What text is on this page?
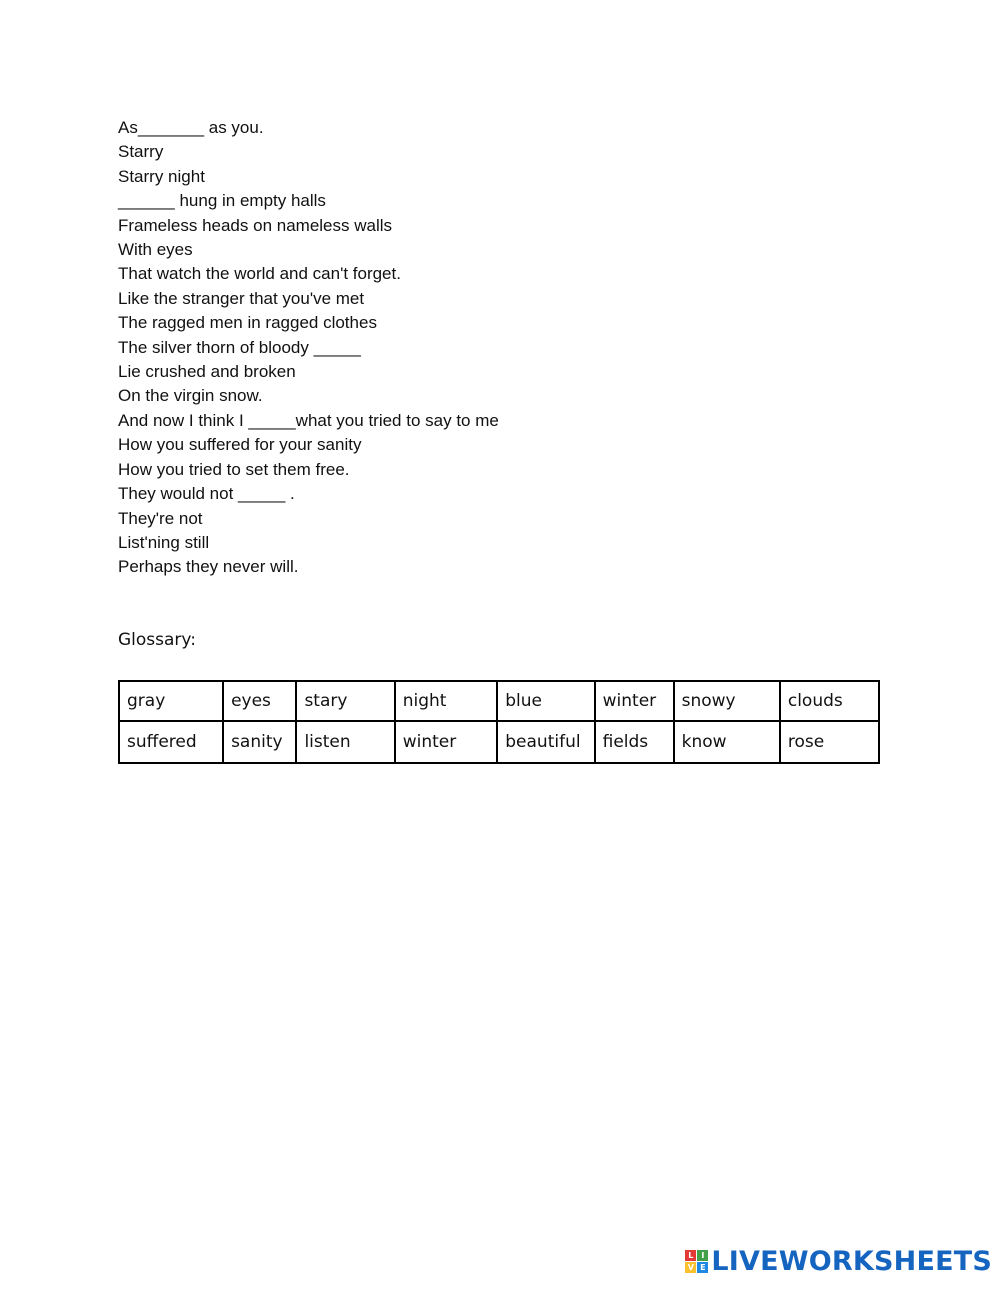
As_______ as you.
Starry
Starry night
______ hung in empty halls
Frameless heads on nameless walls
With eyes
That watch the world and can't forget.
Like the stranger that you've met
The ragged men in ragged clothes
The silver thorn of bloody _____
Lie crushed and broken
On the virgin snow.
And now I think I _____what you tried to say to me
How you suffered for your sanity
How you tried to set them free.
They would not _____ .
They're not
List'ning still
Perhaps they never will.
Glossary:
gray	eyes	stary	night	blue	winter	snowy	clouds
suffered	sanity	listen	winter	beautiful	fields	know	rose
L I
V E LIVEWORKSHEETS
